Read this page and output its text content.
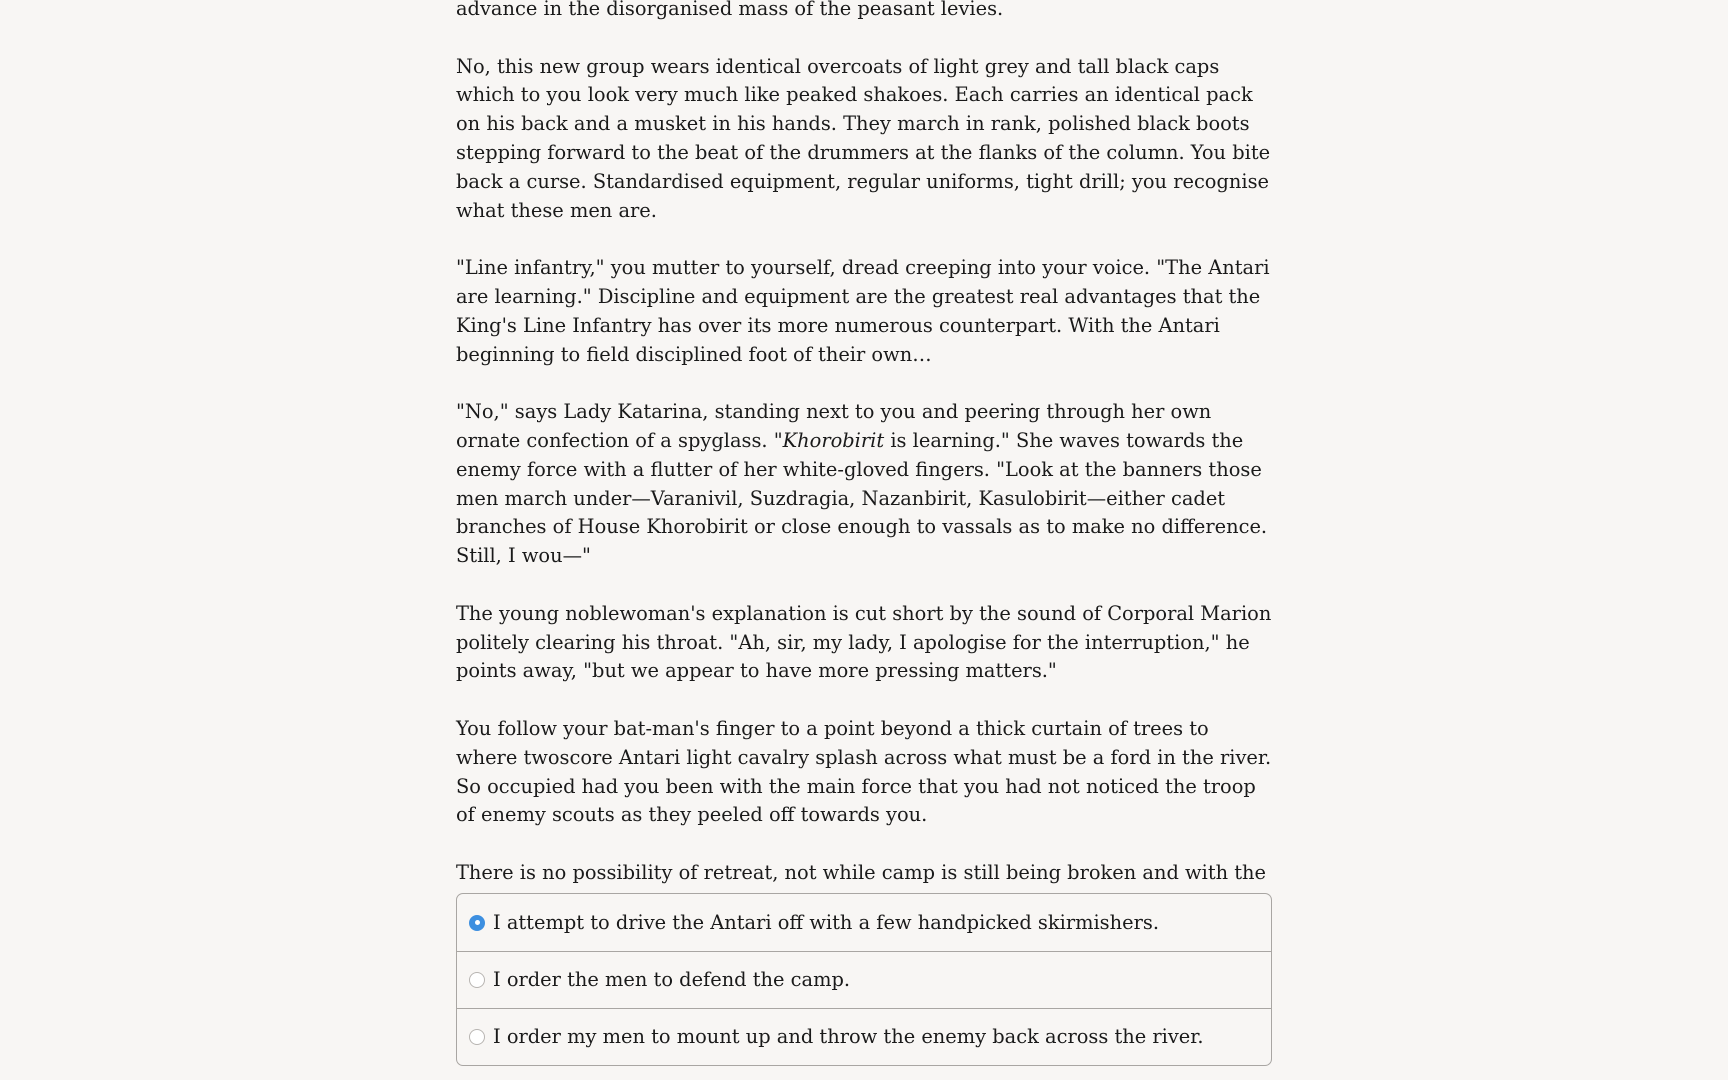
advance in the disorganised mass of the peasant levies.

No, this new group wears identical overcoats of light grey and tall black caps which to you look very much like peaked shakoes. Each carries an identical pack on his back and a musket in his hands. They march in rank, polished black boots stepping forward to the beat of the drummers at the flanks of the column. You bite back a curse. Standardised equipment, regular uniforms, tight drill; you recognise what these men are.

"Line infantry," you mutter to yourself, dread creeping into your voice. "The Antari are learning." Discipline and equipment are the greatest real advantages that the King's Line Infantry has over its more numerous counterpart. With the Antari beginning to field disciplined foot of their own…

"No," says Lady Katarina, standing next to you and peering through her own ornate confection of a spyglass. "Khorobirit is learning." She waves towards the enemy force with a flutter of her white-gloved fingers. "Look at the banners those men march under—Varanivil, Suzdragia, Nazanbirit, Kasulobirit—either cadet branches of House Khorobirit or close enough to vassals as to make no difference. Still, I wou—"

The young noblewoman's explanation is cut short by the sound of Corporal Marion politely clearing his throat. "Ah, sir, my lady, I apologise for the interruption," he points away, "but we appear to have more pressing matters."

You follow your bat-man's finger to a point beyond a thick curtain of trees to where twoscore Antari light cavalry splash across what must be a ford in the river. So occupied had you been with the main force that you had not noticed the troop of enemy scouts as they peeled off towards you.

There is no possibility of retreat, not while camp is still being broken and with the

I attempt to drive the Antari off with a few handpicked skirmishers.
I order the men to defend the camp.
I order my men to mount up and throw the enemy back across the river.
